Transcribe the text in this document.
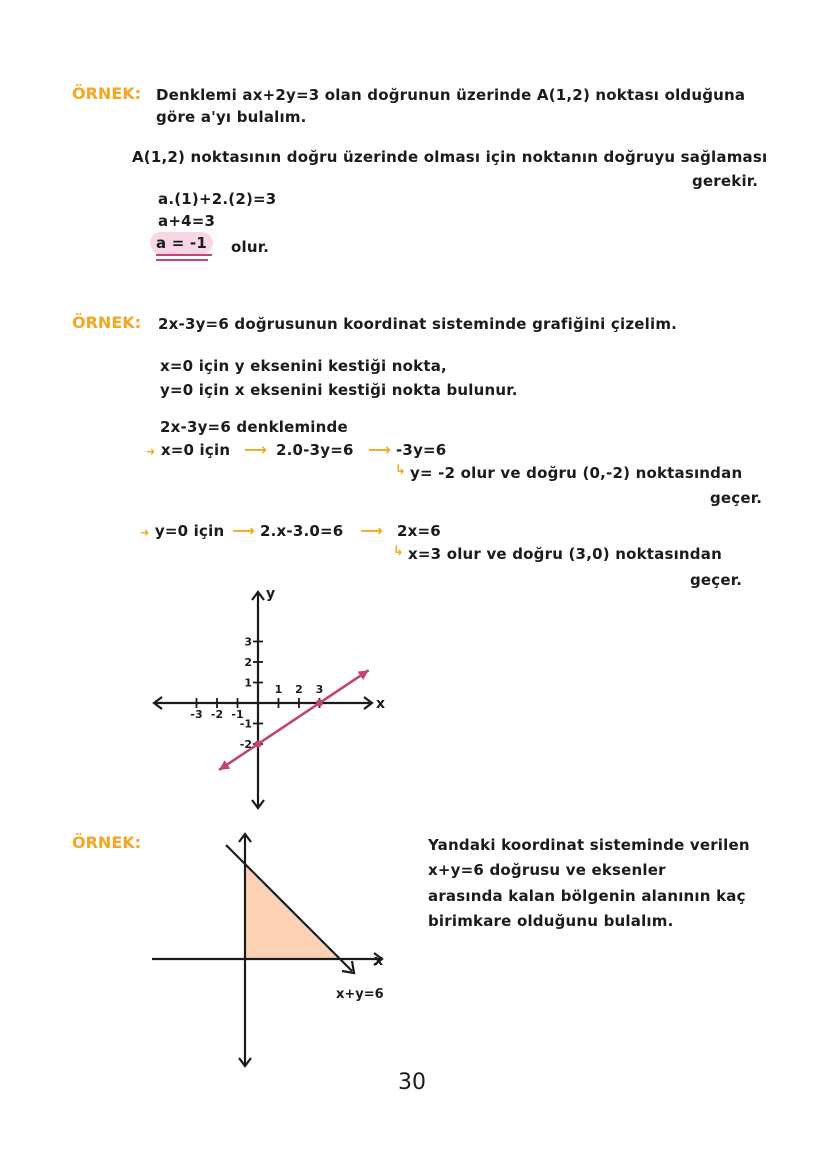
ÖRNEK: Denklemi ax+2y=3 olan doğrunun üzerinde A(1,2) noktası olduğuna
göre a'yı bulalım.
A(1,2) noktasının doğru üzerinde olması için noktanın doğruyu sağlaması
gerekir.
a.(1)+2.(2)=3
a+4=3
a = -1	olur.
ÖRNEK: 2x-3y=6 doğrusunun koordinat sisteminde grafiğini çizelim.
x=0 için y eksenini kestiği nokta,
y=0 için x eksenini kestiği nokta bulunur.
2x-3y=6 denkleminde
➜ x=0 için ⟶ 2.0-3y=6 ⟶ -3y=6
↳ y= -2 olur ve doğru (0,-2) noktasından
geçer.
➜ y=0 için ⟶ 2.x-3.0=6 ⟶ 2x=6
↳ x=3 olur ve doğru (3,0) noktasından
geçer.
-3 -2 -1
1 2 3
3
2
1
-1
-2
x
y
ÖRNEK:
x
x+y=6
Yandaki koordinat sisteminde verilen
x+y=6 doğrusu ve eksenler
arasında kalan bölgenin alanının kaç
birimkare olduğunu bulalım.
30
